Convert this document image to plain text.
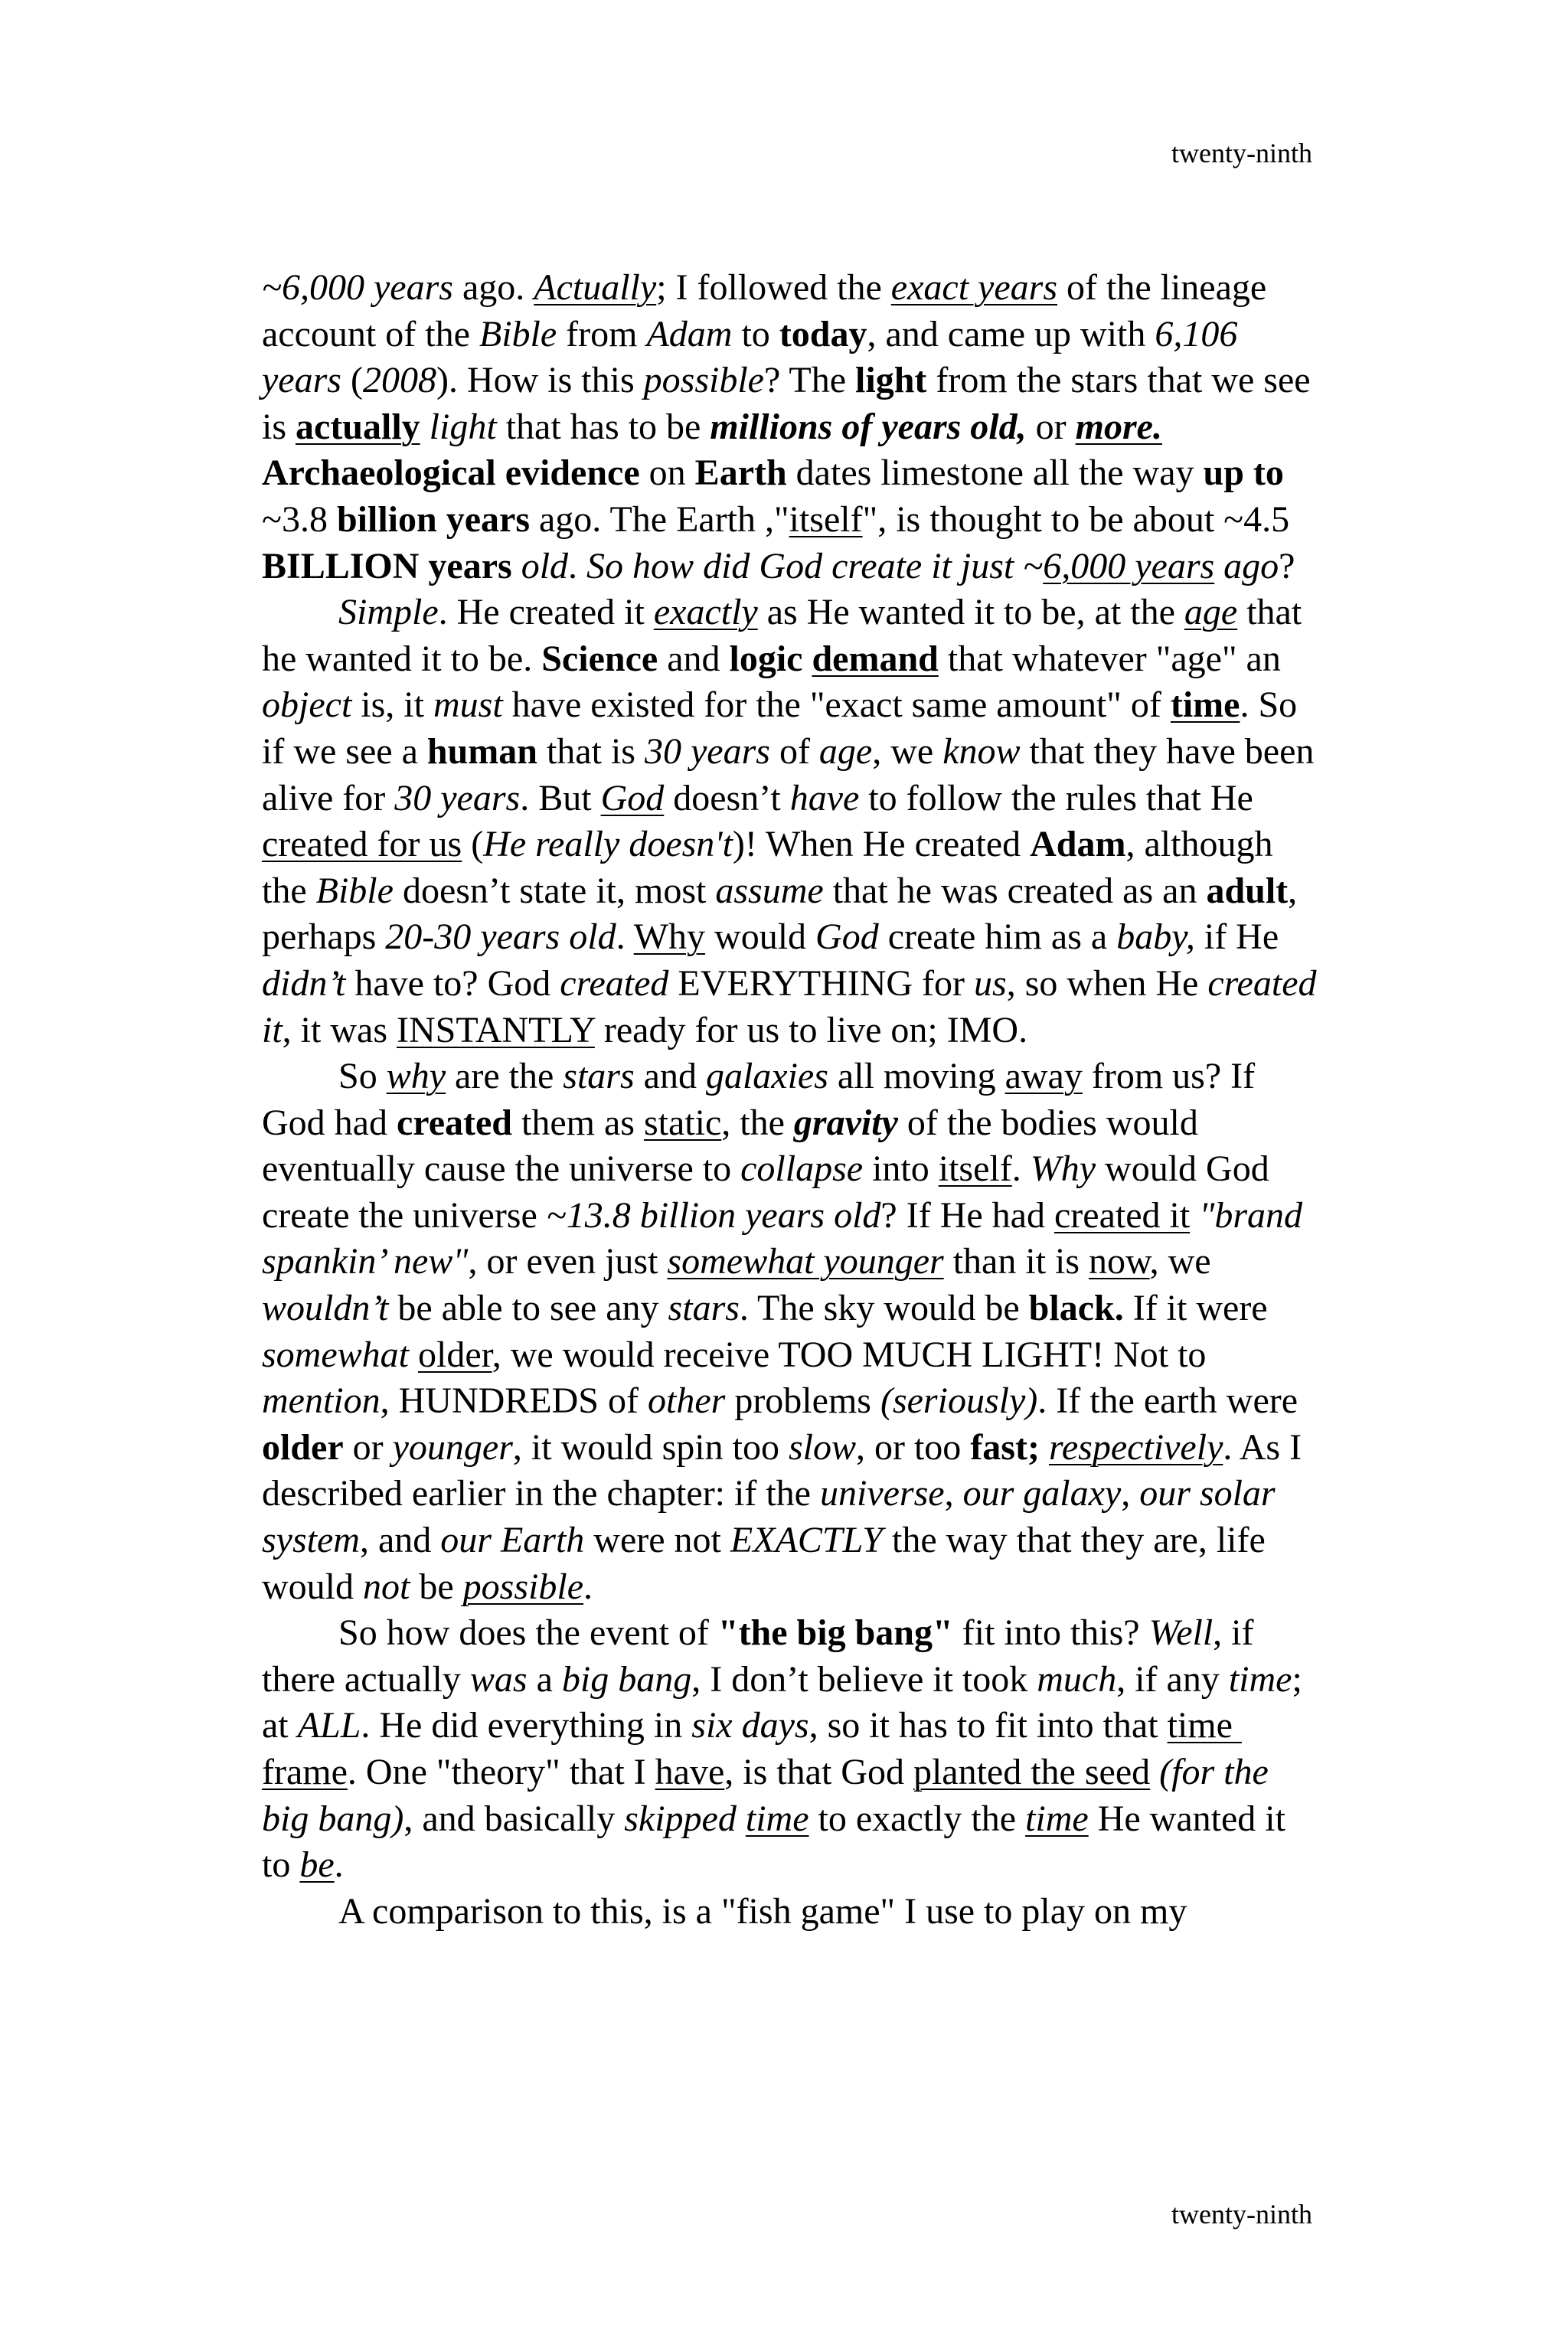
twenty-ninth

~6,000 years ago. Actually; I followed the exact years of the lineage account of the Bible from Adam to today, and came up with 6,106 years (2008). How is this possible? The light from the stars that we see is actually light that has to be millions of years old, or more. Archaeological evidence on Earth dates limestone all the way up to ~3.8 billion years ago. The Earth ,"itself", is thought to be about ~4.5 BILLION years old. So how did God create it just ~6,000 years ago?

Simple. He created it exactly as He wanted it to be, at the age that he wanted it to be. Science and logic demand that whatever "age" an object is, it must have existed for the "exact same amount" of time. So if we see a human that is 30 years of age, we know that they have been alive for 30 years. But God doesn’t have to follow the rules that He created for us (He really doesn't)! When He created Adam, although the Bible doesn’t state it, most assume that he was created as an adult, perhaps 20-30 years old. Why would God create him as a baby, if He didn’t have to? God created EVERYTHING for us, so when He created it, it was INSTANTLY ready for us to live on; IMO.

So why are the stars and galaxies all moving away from us? If God had created them as static, the gravity of the bodies would eventually cause the universe to collapse into itself. Why would God create the universe ~13.8 billion years old? If He had created it "brand spankin’ new", or even just somewhat younger than it is now, we wouldn’t be able to see any stars. The sky would be black. If it were somewhat older, we would receive TOO MUCH LIGHT! Not to mention, HUNDREDS of other problems (seriously). If the earth were older or younger, it would spin too slow, or too fast; respectively. As I described earlier in the chapter: if the universe, our galaxy, our solar system, and our Earth were not EXACTLY the way that they are, life would not be possible.

So how does the event of "the big bang" fit into this? Well, if there actually was a big bang, I don’t believe it took much, if any time; at ALL. He did everything in six days, so it has to fit into that time frame. One "theory" that I have, is that God planted the seed (for the big bang), and basically skipped time to exactly the time He wanted it to be.

A comparison to this, is a "fish game" I use to play on my

twenty-ninth
